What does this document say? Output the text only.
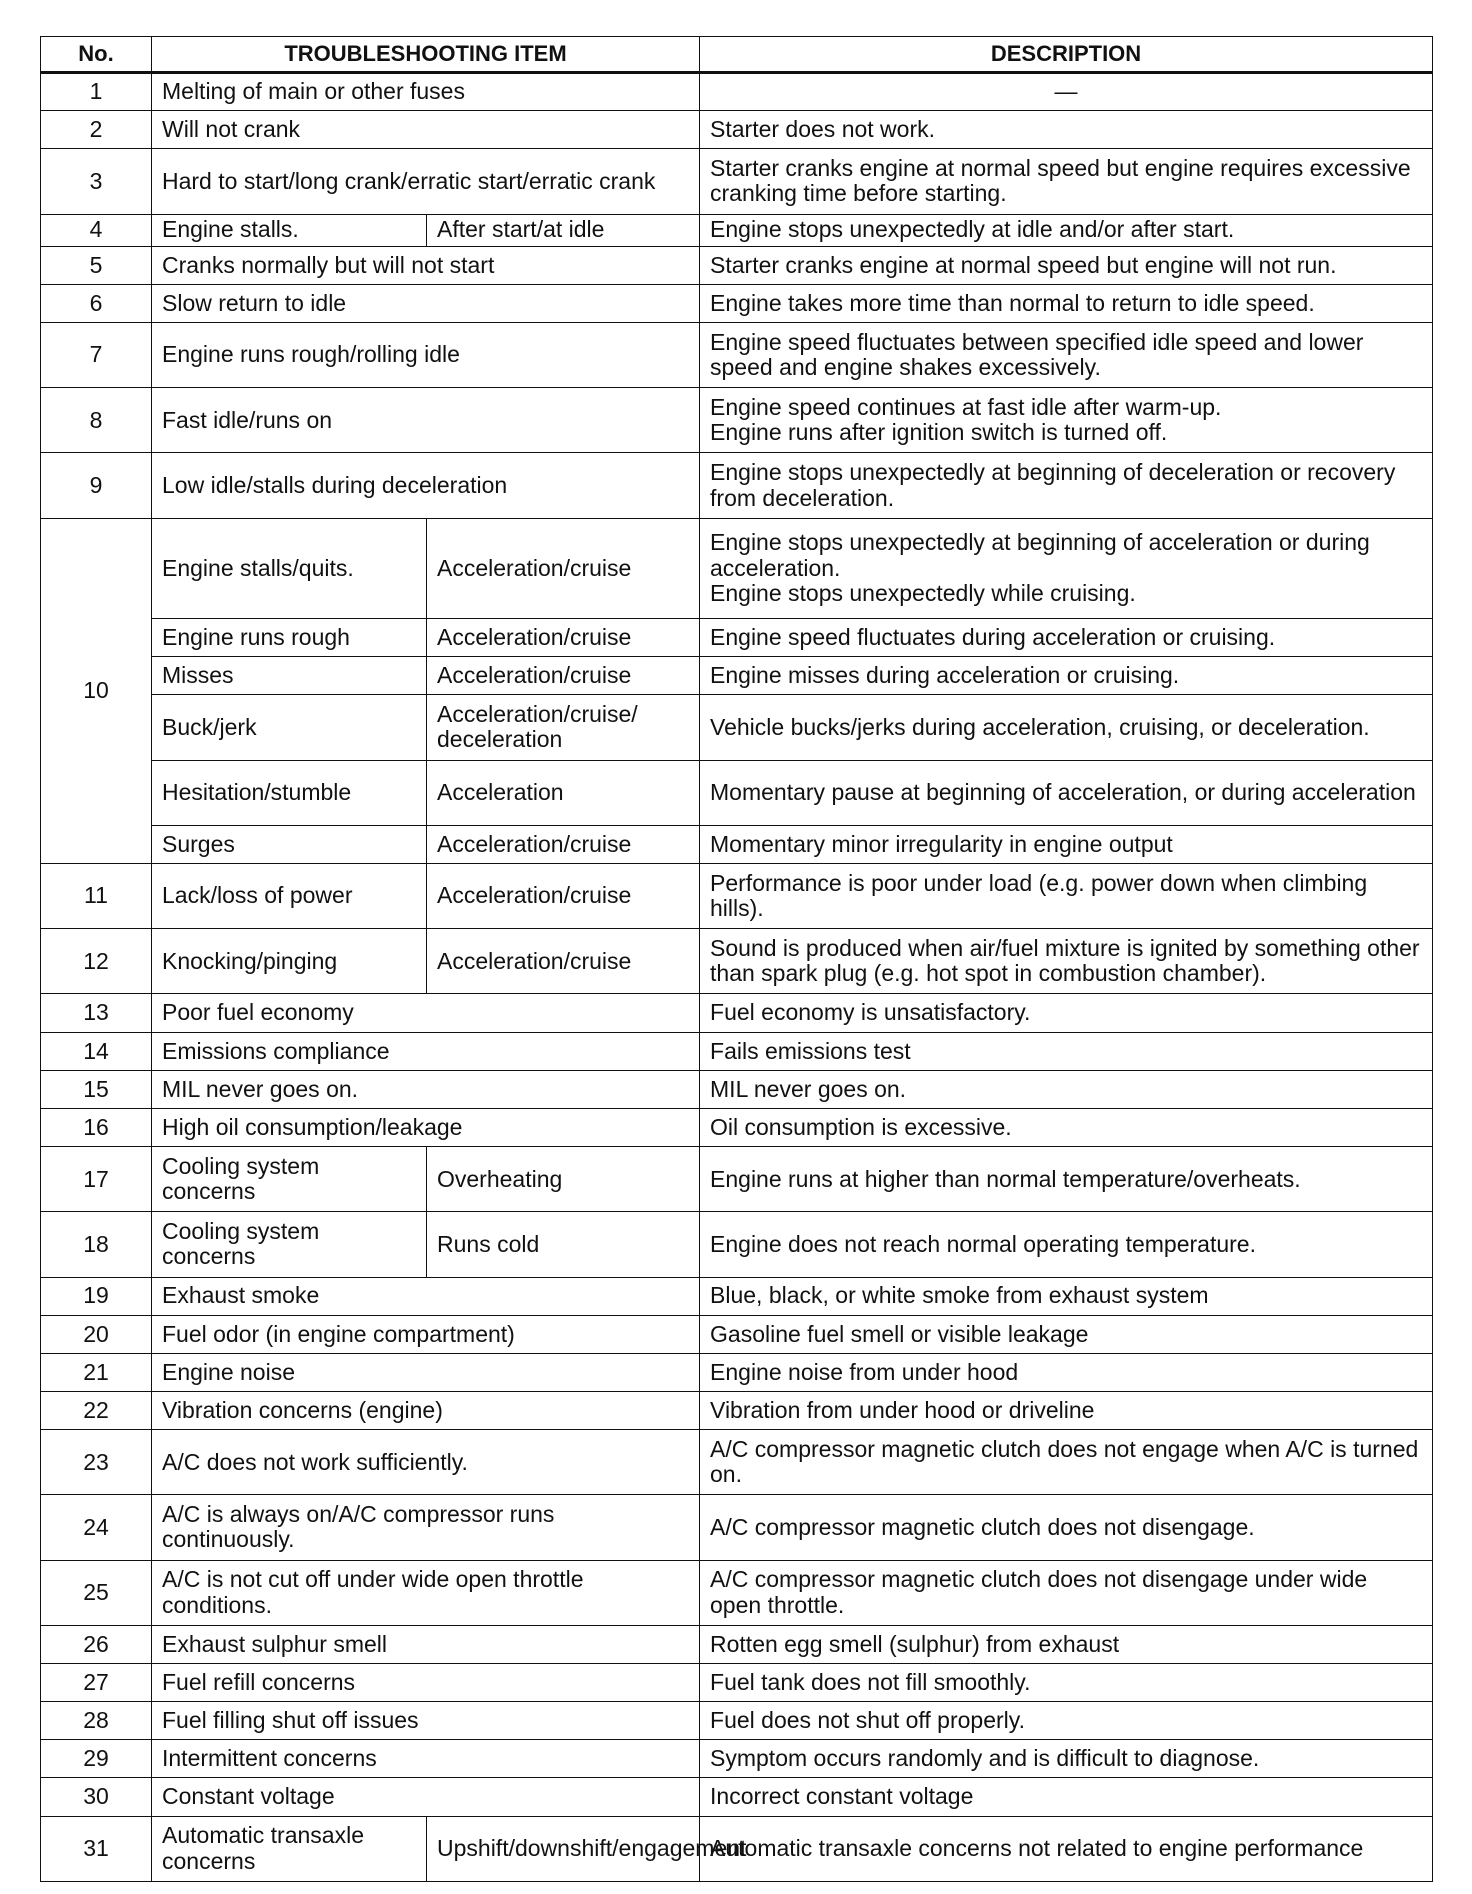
No.	TROUBLESHOOTING ITEM		DESCRIPTION
1	Melting of main or other fuses		—
2	Will not crank		Starter does not work.
3	Hard to start/long crank/erratic start/erratic crank		Starter cranks engine at normal speed but engine requires excessive cranking time before starting.
4	Engine stalls.	After start/at idle	Engine stops unexpectedly at idle and/or after start.
5	Cranks normally but will not start		Starter cranks engine at normal speed but engine will not run.
6	Slow return to idle		Engine takes more time than normal to return to idle speed.
7	Engine runs rough/rolling idle		Engine speed fluctuates between specified idle speed and lower speed and engine shakes excessively.
8	Fast idle/runs on		Engine speed continues at fast idle after warm-up.
Engine runs after ignition switch is turned off.

9	Low idle/stalls during deceleration		Engine stops unexpectedly at beginning of deceleration or recovery from deceleration.
10	Engine stalls/quits.	Acceleration/cruise	Engine stops unexpectedly at beginning of acceleration or during acceleration.
Engine stops unexpectedly while cruising.

	Engine runs rough	Acceleration/cruise	Engine speed fluctuates during acceleration or cruising.
	Misses	Acceleration/cruise	Engine misses during acceleration or cruising.
	Buck/jerk	Acceleration/cruise/ deceleration	Vehicle bucks/jerks during acceleration, cruising, or deceleration.
	Hesitation/stumble	Acceleration	Momentary pause at beginning of acceleration, or during acceleration
	Surges	Acceleration/cruise	Momentary minor irregularity in engine output
11	Lack/loss of power	Acceleration/cruise	Performance is poor under load (e.g. power down when climbing hills).
12	Knocking/pinging	Acceleration/cruise	Sound is produced when air/fuel mixture is ignited by something other than spark plug (e.g. hot spot in combustion chamber).
13	Poor fuel economy		Fuel economy is unsatisfactory.
14	Emissions compliance		Fails emissions test
15	MIL never goes on.		MIL never goes on.
16	High oil consumption/leakage		Oil consumption is excessive.
17	Cooling system concerns	Overheating	Engine runs at higher than normal temperature/overheats.
18	Cooling system concerns	Runs cold	Engine does not reach normal operating temperature.
19	Exhaust smoke		Blue, black, or white smoke from exhaust system
20	Fuel odor (in engine compartment)		Gasoline fuel smell or visible leakage
21	Engine noise		Engine noise from under hood
22	Vibration concerns (engine)		Vibration from under hood or driveline
23	A/C does not work sufficiently.		A/C compressor magnetic clutch does not engage when A/C is turned on.
24	A/C is always on/A/C compressor runs continuously.		A/C compressor magnetic clutch does not disengage.
25	A/C is not cut off under wide open throttle conditions.		A/C compressor magnetic clutch does not disengage under wide open throttle.
26	Exhaust sulphur smell		Rotten egg smell (sulphur) from exhaust
27	Fuel refill concerns		Fuel tank does not fill smoothly.
28	Fuel filling shut off issues		Fuel does not shut off properly.
29	Intermittent concerns		Symptom occurs randomly and is difficult to diagnose.
30	Constant voltage		Incorrect constant voltage
31	Automatic transaxle concerns	Upshift/downshift/engagement	Automatic transaxle concerns not related to engine performance
